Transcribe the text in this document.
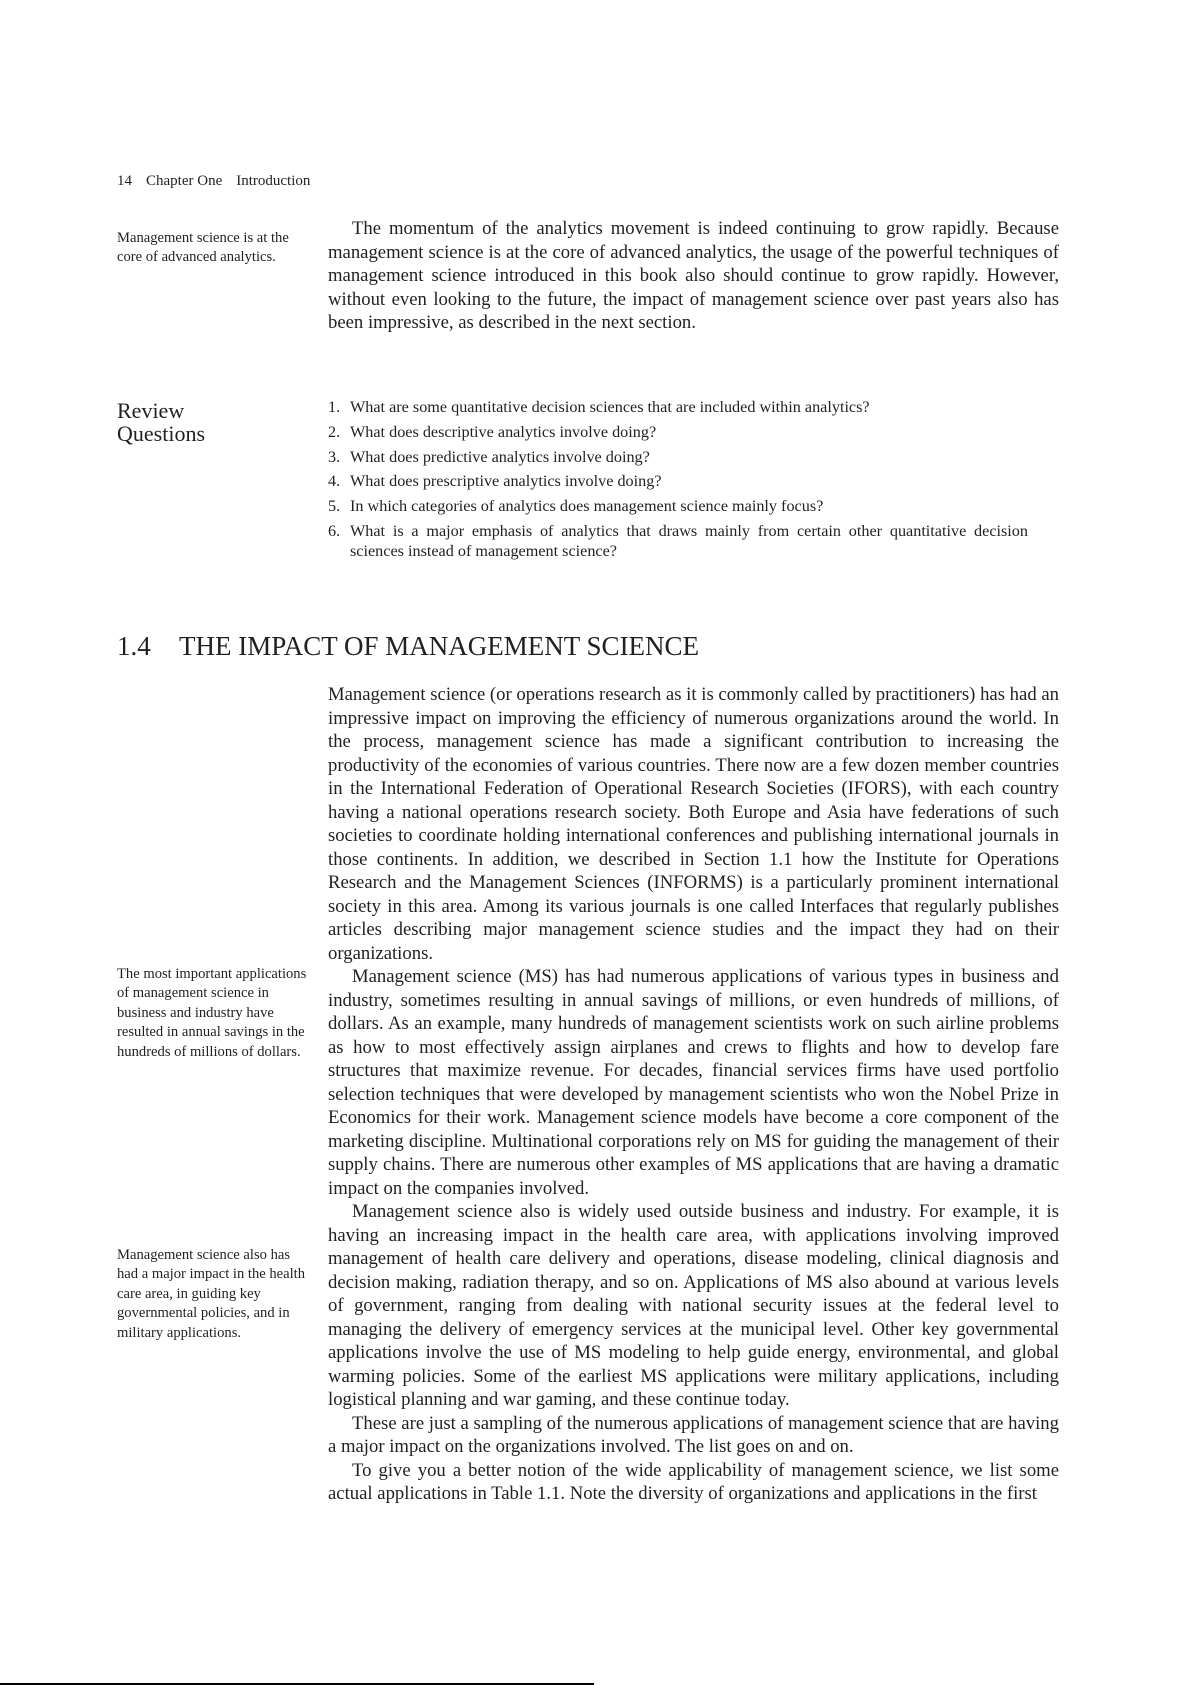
14 Chapter One Introduction
Management science is at the core of advanced analytics.

The momentum of the analytics movement is indeed continuing to grow rapidly. Because management science is at the core of advanced analytics, the usage of the powerful techniques of management science introduced in this book also should continue to grow rapidly. However, without even looking to the future, the impact of management science over past years also has been impressive, as described in the next section.

Review
Questions
1. What are some quantitative decision sciences that are included within analytics?
2. What does descriptive analytics involve doing?
3. What does predictive analytics involve doing?
4. What does prescriptive analytics involve doing?
5. In which categories of analytics does management science mainly focus?
6. What is a major emphasis of analytics that draws mainly from certain other quantitative decision sciences instead of management science?
1.4 THE IMPACT OF MANAGEMENT SCIENCE

Management science (or operations research as it is commonly called by practitioners) has had an impressive impact on improving the efficiency of numerous organizations around the world. In the process, management science has made a significant contribution to increasing the productivity of the economies of various countries. There now are a few dozen member countries in the International Federation of Operational Research Societies (IFORS), with each country having a national operations research society. Both Europe and Asia have federations of such societies to coordinate holding international conferences and publishing international journals in those continents. In addition, we described in Section 1.1 how the Institute for Operations Research and the Management Sciences (INFORMS) is a particularly prominent international society in this area. Among its various journals is one called Interfaces that regularly publishes articles describing major management science studies and the impact they had on their organizations.

Management science (MS) has had numerous applications of various types in business and industry, sometimes resulting in annual savings of millions, or even hundreds of millions, of dollars. As an example, many hundreds of management scientists work on such airline problems as how to most effectively assign airplanes and crews to flights and how to develop fare structures that maximize revenue. For decades, financial services firms have used portfolio selection techniques that were developed by management scientists who won the Nobel Prize in Economics for their work. Management science models have become a core component of the marketing discipline. Multinational corporations rely on MS for guiding the management of their supply chains. There are numerous other examples of MS applications that are having a dramatic impact on the companies involved.

Management science also is widely used outside business and industry. For example, it is having an increasing impact in the health care area, with applications involving improved management of health care delivery and operations, disease modeling, clinical diagnosis and decision making, radiation therapy, and so on. Applications of MS also abound at various levels of government, ranging from dealing with national security issues at the federal level to managing the delivery of emergency services at the municipal level. Other key governmental applications involve the use of MS modeling to help guide energy, environmental, and global warming policies. Some of the earliest MS applications were military applications, including logistical planning and war gaming, and these continue today.

These are just a sampling of the numerous applications of management science that are having a major impact on the organizations involved. The list goes on and on.

To give you a better notion of the wide applicability of management science, we list some actual applications in Table 1.1. Note the diversity of organizations and applications in the first

The most important applications of management science in business and industry have resulted in annual savings in the hundreds of millions of dollars.
Management science also has had a major impact in the health care area, in guiding key governmental policies, and in military applications.
